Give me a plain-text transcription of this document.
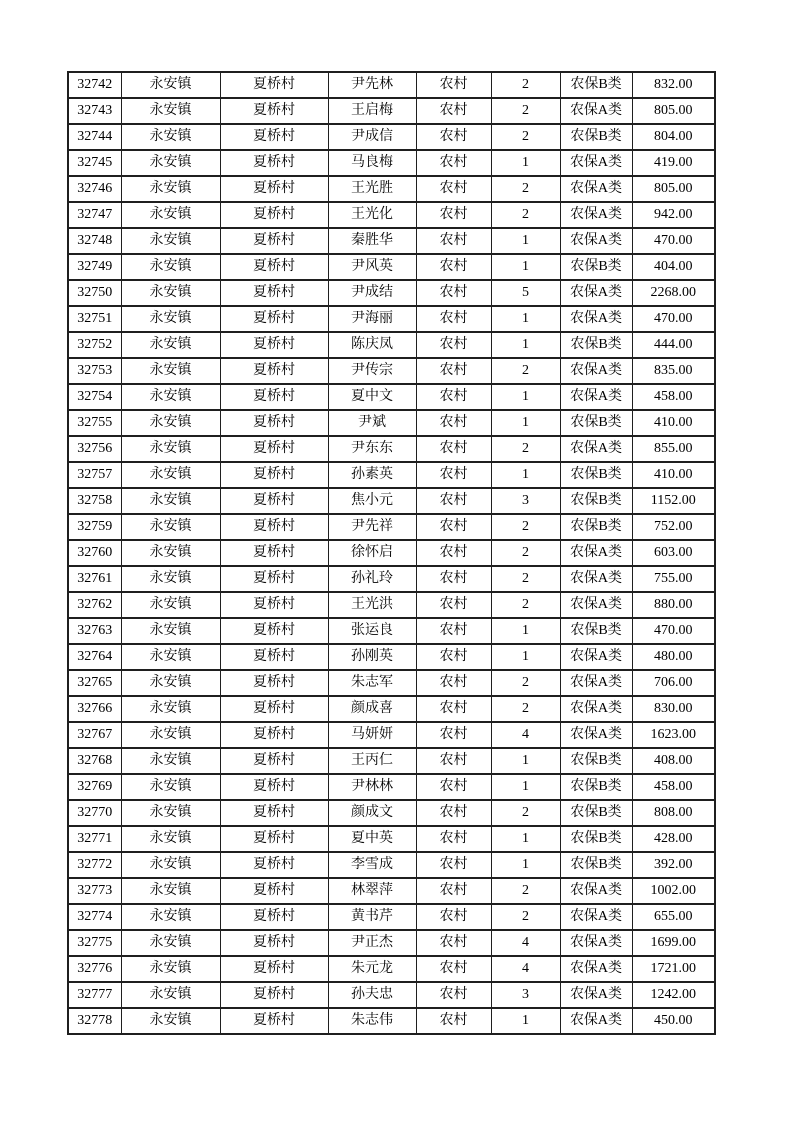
32742	永安镇	夏桥村	尹先林	农村	2	农保B类	832.00
32743	永安镇	夏桥村	王启梅	农村	2	农保A类	805.00
32744	永安镇	夏桥村	尹成信	农村	2	农保B类	804.00
32745	永安镇	夏桥村	马良梅	农村	1	农保A类	419.00
32746	永安镇	夏桥村	王光胜	农村	2	农保A类	805.00
32747	永安镇	夏桥村	王光化	农村	2	农保A类	942.00
32748	永安镇	夏桥村	秦胜华	农村	1	农保A类	470.00
32749	永安镇	夏桥村	尹风英	农村	1	农保B类	404.00
32750	永安镇	夏桥村	尹成结	农村	5	农保A类	2268.00
32751	永安镇	夏桥村	尹海丽	农村	1	农保A类	470.00
32752	永安镇	夏桥村	陈庆凤	农村	1	农保B类	444.00
32753	永安镇	夏桥村	尹传宗	农村	2	农保A类	835.00
32754	永安镇	夏桥村	夏中文	农村	1	农保A类	458.00
32755	永安镇	夏桥村	尹斌	农村	1	农保B类	410.00
32756	永安镇	夏桥村	尹东东	农村	2	农保A类	855.00
32757	永安镇	夏桥村	孙素英	农村	1	农保B类	410.00
32758	永安镇	夏桥村	焦小元	农村	3	农保B类	1152.00
32759	永安镇	夏桥村	尹先祥	农村	2	农保B类	752.00
32760	永安镇	夏桥村	徐怀启	农村	2	农保A类	603.00
32761	永安镇	夏桥村	孙礼玲	农村	2	农保A类	755.00
32762	永安镇	夏桥村	王光洪	农村	2	农保A类	880.00
32763	永安镇	夏桥村	张运良	农村	1	农保B类	470.00
32764	永安镇	夏桥村	孙刚英	农村	1	农保A类	480.00
32765	永安镇	夏桥村	朱志军	农村	2	农保A类	706.00
32766	永安镇	夏桥村	颜成喜	农村	2	农保A类	830.00
32767	永安镇	夏桥村	马妍妍	农村	4	农保A类	1623.00
32768	永安镇	夏桥村	王丙仁	农村	1	农保B类	408.00
32769	永安镇	夏桥村	尹林林	农村	1	农保B类	458.00
32770	永安镇	夏桥村	颜成文	农村	2	农保B类	808.00
32771	永安镇	夏桥村	夏中英	农村	1	农保B类	428.00
32772	永安镇	夏桥村	李雪成	农村	1	农保B类	392.00
32773	永安镇	夏桥村	林翠萍	农村	2	农保A类	1002.00
32774	永安镇	夏桥村	黄书芹	农村	2	农保A类	655.00
32775	永安镇	夏桥村	尹正杰	农村	4	农保A类	1699.00
32776	永安镇	夏桥村	朱元龙	农村	4	农保A类	1721.00
32777	永安镇	夏桥村	孙夫忠	农村	3	农保A类	1242.00
32778	永安镇	夏桥村	朱志伟	农村	1	农保A类	450.00
